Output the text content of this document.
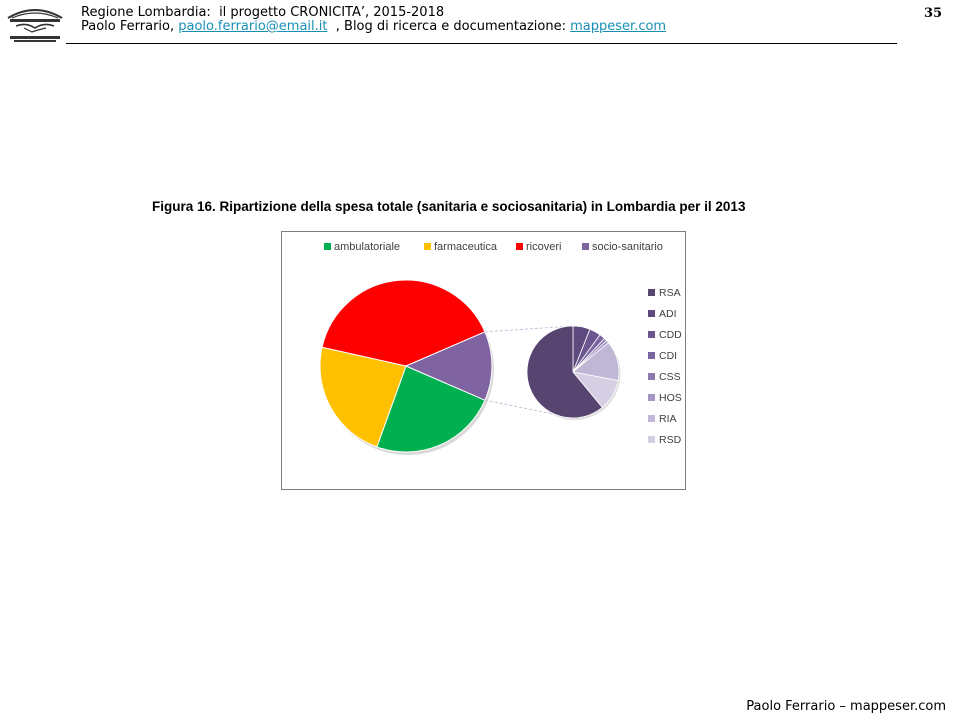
Regione Lombardia:  il progetto CRONICITA’, 2015-2018
Paolo Ferrario, paolo.ferrario@email.it  , Blog di ricerca e documentazione: mappeser.com
35
Figura 16. Ripartizione della spesa totale (sanitaria e sociosanitaria) in Lombardia per il 2013
ambulatoriale	farmaceutica	ricoveri	socio-sanitario
RSA
ADI
CDD
CDI
CSS
HOS
RIA
RSD
Paolo Ferrario – mappeser.com
